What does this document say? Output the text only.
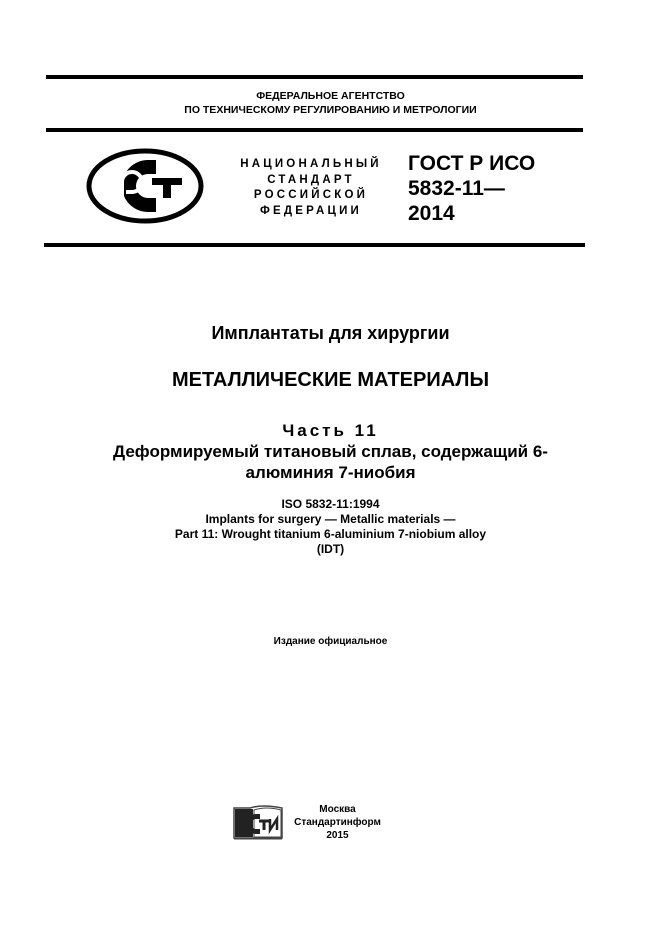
ФЕДЕРАЛЬНОЕ АГЕНТСТВО
ПО ТЕХНИЧЕСКОМУ РЕГУЛИРОВАНИЮ И МЕТРОЛОГИИ
НАЦИОНАЛЬНЫЙ
СТАНДАРТ
РОССИЙСКОЙ
ФЕДЕРАЦИИ
ГОСТ Р ИСО
5832-11—
2014
Имплантаты для хирургии
МЕТАЛЛИЧЕСКИЕ МАТЕРИАЛЫ
Часть 11
Деформируемый титановый сплав, содержащий 6-
алюминия 7-ниобия
ISO 5832-11:1994
Implants for surgery — Metallic materials —
Part 11: Wrought titanium 6-aluminium 7-niobium alloy
(IDT)
Издание официальное
Москва
Стандартинформ
2015
